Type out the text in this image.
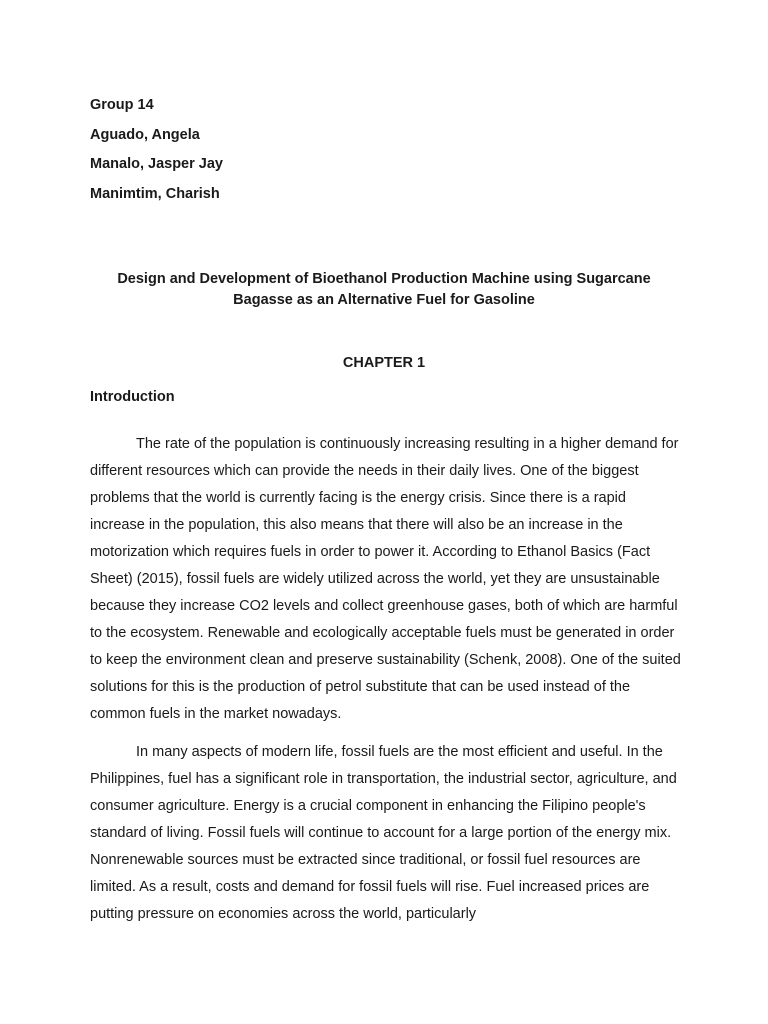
Group 14

Aguado, Angela

Manalo, Jasper Jay

Manimtim, Charish

Design and Development of Bioethanol Production Machine using Sugarcane Bagasse as an Alternative Fuel for Gasoline

CHAPTER 1

Introduction

The rate of the population is continuously increasing resulting in a higher demand for different resources which can provide the needs in their daily lives. One of the biggest problems that the world is currently facing is the energy crisis. Since there is a rapid increase in the population, this also means that there will also be an increase in the motorization which requires fuels in order to power it. According to Ethanol Basics (Fact Sheet) (2015), fossil fuels are widely utilized across the world, yet they are unsustainable because they increase CO2 levels and collect greenhouse gases, both of which are harmful to the ecosystem. Renewable and ecologically acceptable fuels must be generated in order to keep the environment clean and preserve sustainability (Schenk, 2008). One of the suited solutions for this is the production of petrol substitute that can be used instead of the common fuels in the market nowadays.

In many aspects of modern life, fossil fuels are the most efficient and useful. In the Philippines, fuel has a significant role in transportation, the industrial sector, agriculture, and consumer agriculture. Energy is a crucial component in enhancing the Filipino people's standard of living. Fossil fuels will continue to account for a large portion of the energy mix. Nonrenewable sources must be extracted since traditional, or fossil fuel resources are limited. As a result, costs and demand for fossil fuels will rise. Fuel increased prices are putting pressure on economies across the world, particularly
